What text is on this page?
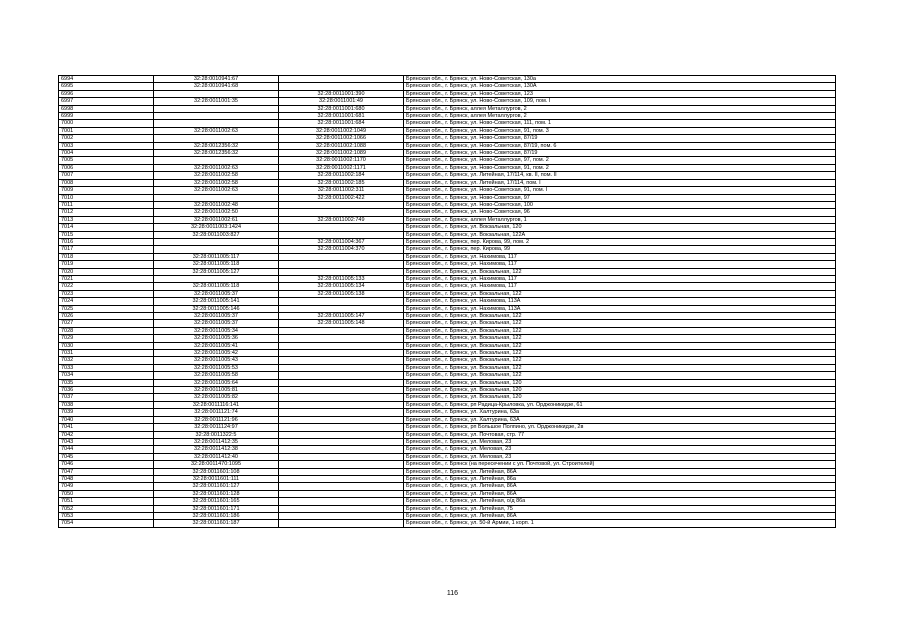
6994	32:28:0010941:67		Брянская обл., г. Брянск, ул. Ново-Советская, 130а
6995	32:28:0010941:68		Брянская обл., г. Брянск, ул. Ново-Советская, 130А
6996		32:28:0011001:390	Брянская обл., г. Брянск, ул. Ново-Советская, 123
6997	32:28:0011001:35	32:28:0011001:49	Брянская обл., г. Брянск, ул. Ново-Советская, 109, пом. I
6998		32:28:0011001:680	Брянская обл., г. Брянск, аллея Металлургов, 2
6999		32:28:0011001:681	Брянская обл., г. Брянск, аллея Металлургов, 2
7000		32:28:0011001:684	Брянская обл., г. Брянск, ул. Ново-Советская, 111, пом. 1
7001	32:28:0011002:63	32:28:0011002:1049	Брянская обл., г. Брянск, ул. Ново-Советская, 91, пом. 3
7002		32:28:0011002:1066	Брянская обл., г. Брянск, ул. Ново-Советская, 87/19
7003	32:28:0012356:32	32:28:0011002:1088	Брянская обл., г. Брянск, ул. Ново-Советская, 87/19, пом. 6
7004	32:28:0012356:32	32:28:0011002:1089	Брянская обл., г. Брянск, ул. Ново-Советская, 87/19
7005		32:28:0011002:1170	Брянская обл., г. Брянск, ул. Ново-Советская, 97, пом. 2
7006	32:28:0011002:63	32:28:0011002:1171	Брянская обл., г. Брянск, ул. Ново-Советская, 91, пом. 2
7007	32:28:0011002:58	32:28:0011002:184	Брянская обл., г. Брянск, ул. Литейная, 17/114, кв. II, пом. II
7008	32:28:0011002:58	32:28:0011002:185	Брянская обл., г. Брянск, ул. Литейная, 17/114, пом. I
7009	32:28:0011002:63	32:28:0011002:311	Брянская обл., г. Брянск, ул. Ново-Советская, 91, пом. I
7010		32:28:0011002:422	Брянская обл., г. Брянск, ул. Ново-Советская, 97
7011	32:28:0011002:48		Брянская обл., г. Брянск, ул. Ново-Советская, 100
7012	32:28:0011002:50		Брянская обл., г. Брянск, ул. Ново-Советская, 96
7013	32:28:0011002:61	32:28:0011002:749	Брянская обл., г. Брянск, аллея Металлургов, 1
7014	32:28:0011003:1424		Брянская обл., г. Брянск, ул. Вокзальная, 120
7015	32:28:0011003:827		Брянская обл., г. Брянск, ул. Вокзальная, 122А
7016		32:28:0011004:367	Брянская обл., г. Брянск, пер. Кирова, 99, пом. 2
7017		32:28:0011004:370	Брянская обл., г. Брянск, пер. Кирова, 99
7018	32:28:0011005:117		Брянская обл., г. Брянск, ул. Нахимова, 117
7019	32:28:0011005:118		Брянская обл., г. Брянск, ул. Нахимова, 117
7020	32:28:0011005:127		Брянская обл., г. Брянск, ул. Вокзальная, 122
7021		32:28:0011005:133	Брянская обл., г. Брянск, ул. Нахимова, 117
7022	32:28:0011005:118	32:28:0011005:134	Брянская обл., г. Брянск, ул. Нахимова, 117
7023	32:28:0011005:37	32:28:0011005:138	Брянская обл., г. Брянск, ул. Вокзальная, 122
7024	32:28:0011005:141		Брянская обл., г. Брянск, ул. Нахимова, 113А
7025	32:28:0011005:146		Брянская обл., г. Брянск, ул. Нахимова, 113А
7026	32:28:0011005:37	32:28:0011005:147	Брянская обл., г. Брянск, ул. Вокзальная, 122
7027	32:28:0011005:37	32:28:0011005:148	Брянская обл., г. Брянск, ул. Вокзальная, 122
7028	32:28:0011005:34		Брянская обл., г. Брянск, ул. Вокзальная, 122
7029	32:28:0011005:36		Брянская обл., г. Брянск, ул. Вокзальная, 122
7030	32:28:0011005:41		Брянская обл., г. Брянск, ул. Вокзальная, 122
7031	32:28:0011005:42		Брянская обл., г. Брянск, ул. Вокзальная, 122
7032	32:28:0011005:43		Брянская обл., г. Брянск, ул. Вокзальная, 122
7033	32:28:0011005:53		Брянская обл., г. Брянск, ул. Вокзальная, 122
7034	32:28:0011005:58		Брянская обл., г. Брянск, ул. Вокзальная, 122
7035	32:28:0011005:64		Брянская обл., г. Брянск, ул. Вокзальная, 120
7036	32:28:0011005:81		Брянская обл., г. Брянск, ул. Вокзальная, 120
7037	32:28:0011005:82		Брянская обл., г. Брянск, ул. Вокзальная, 120
7038	32:28:0011116:141		Брянская обл., г. Брянск, рп Радица-Крыловка, ул. Орджоникидзе, 61
7039	32:28:0011121:74		Брянская обл., г. Брянск, ул. Халтурина, 63а
7040	32:28:0011121:96		Брянская обл., г. Брянск, ул. Халтурина, 63А
7041	32:28:0011124:97		Брянская обл., г. Брянск, рп Большое Полпино, ул. Орджоникидзе, 2в
7042	32:28:0011322:5		Брянская обл., г. Брянск, ул. Почтовая, стр. 77
7043	32:28:0011412:35		Брянская обл., г. Брянск, ул. Меловая, 23
7044	32:28:0011412:38		Брянская обл., г. Брянск, ул. Меловая, 23
7045	32:28:0011412:40		Брянская обл., г. Брянск, ул. Меловая, 23
7046	32:28:0011470:1095		Брянская обл., г. Брянск (на пересечении с ул. Почтовой, ул. Строителей)
7047	32:28:0011601:108		Брянская обл., г. Брянск, ул. Литейная, 86А
7048	32:28:0011601:111		Брянская обл., г. Брянск, ул. Литейная, 86а
7049	32:28:0011601:127		Брянская обл., г. Брянск, ул. Литейная, 86А
7050	32:28:0011601:128		Брянская обл., г. Брянск, ул. Литейная, 86А
7051	32:28:0011601:165		Брянская обл., г. Брянск, ул. Литейная, о/д 86а
7052	32:28:0011601:171		Брянская обл., г. Брянск, ул. Литейная, 75
7053	32:28:0011601:186		Брянская обл., г. Брянск, ул. Литейная, 86А
7054	32:28:0011601:187		Брянская обл., г. Брянск, ул. 50-й Армии, 1 корп. 1
116
